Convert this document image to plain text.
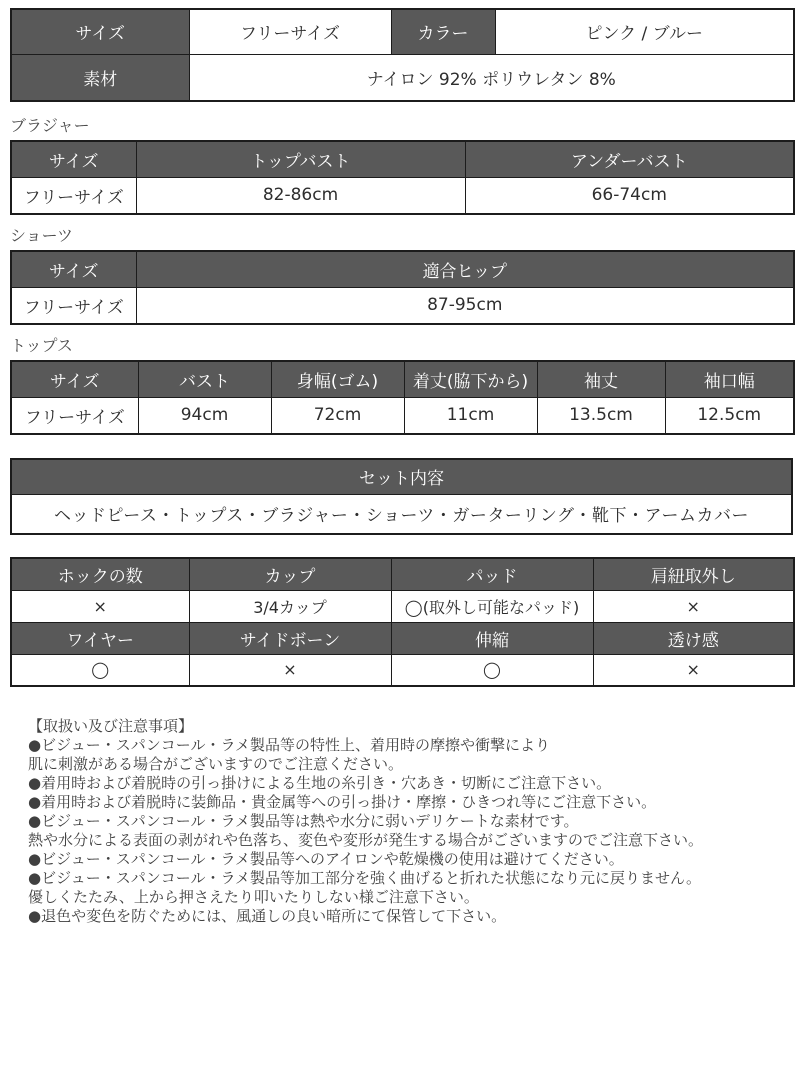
サイズ	フリーサイズ	カラー	ピンク / ブルー
素材	ナイロン 92% ポリウレタン 8%		
ブラジャー
サイズ	トップバスト	アンダーバスト
フリーサイズ	82-86cm	66-74cm
ショーツ
サイズ	適合ヒップ
フリーサイズ	87-95cm
トップス
サイズ	バスト	身幅(ゴム)	着丈(脇下から)	袖丈	袖口幅
フリーサイズ	94cm	72cm	11cm	13.5cm	12.5cm
セット内容
ヘッドピース・トップス・ブラジャー・ショーツ・ガーターリング・靴下・アームカバー
ホックの数	カップ	パッド	肩紐取外し
×	3/4カップ	◯(取外し可能なパッド)	×
ワイヤー	サイドボーン	伸縮	透け感
◯	×	◯	×
【取扱い及び注意事項】
●ビジュー・スパンコール・ラメ製品等の特性上、着用時の摩擦や衝撃により
肌に刺激がある場合がございますのでご注意ください。
●着用時および着脱時の引っ掛けによる生地の糸引き・穴あき・切断にご注意下さい。
●着用時および着脱時に装飾品・貴金属等への引っ掛け・摩擦・ひきつれ等にご注意下さい。
●ビジュー・スパンコール・ラメ製品等は熱や水分に弱いデリケートな素材です。
熱や水分による表面の剥がれや色落ち、変色や変形が発生する場合がございますのでご注意下さい。
●ビジュー・スパンコール・ラメ製品等へのアイロンや乾燥機の使用は避けてください。
●ビジュー・スパンコール・ラメ製品等加工部分を強く曲げると折れた状態になり元に戻りません。
優しくたたみ、上から押さえたり叩いたりしない様ご注意下さい。
●退色や変色を防ぐためには、風通しの良い暗所にて保管して下さい。
